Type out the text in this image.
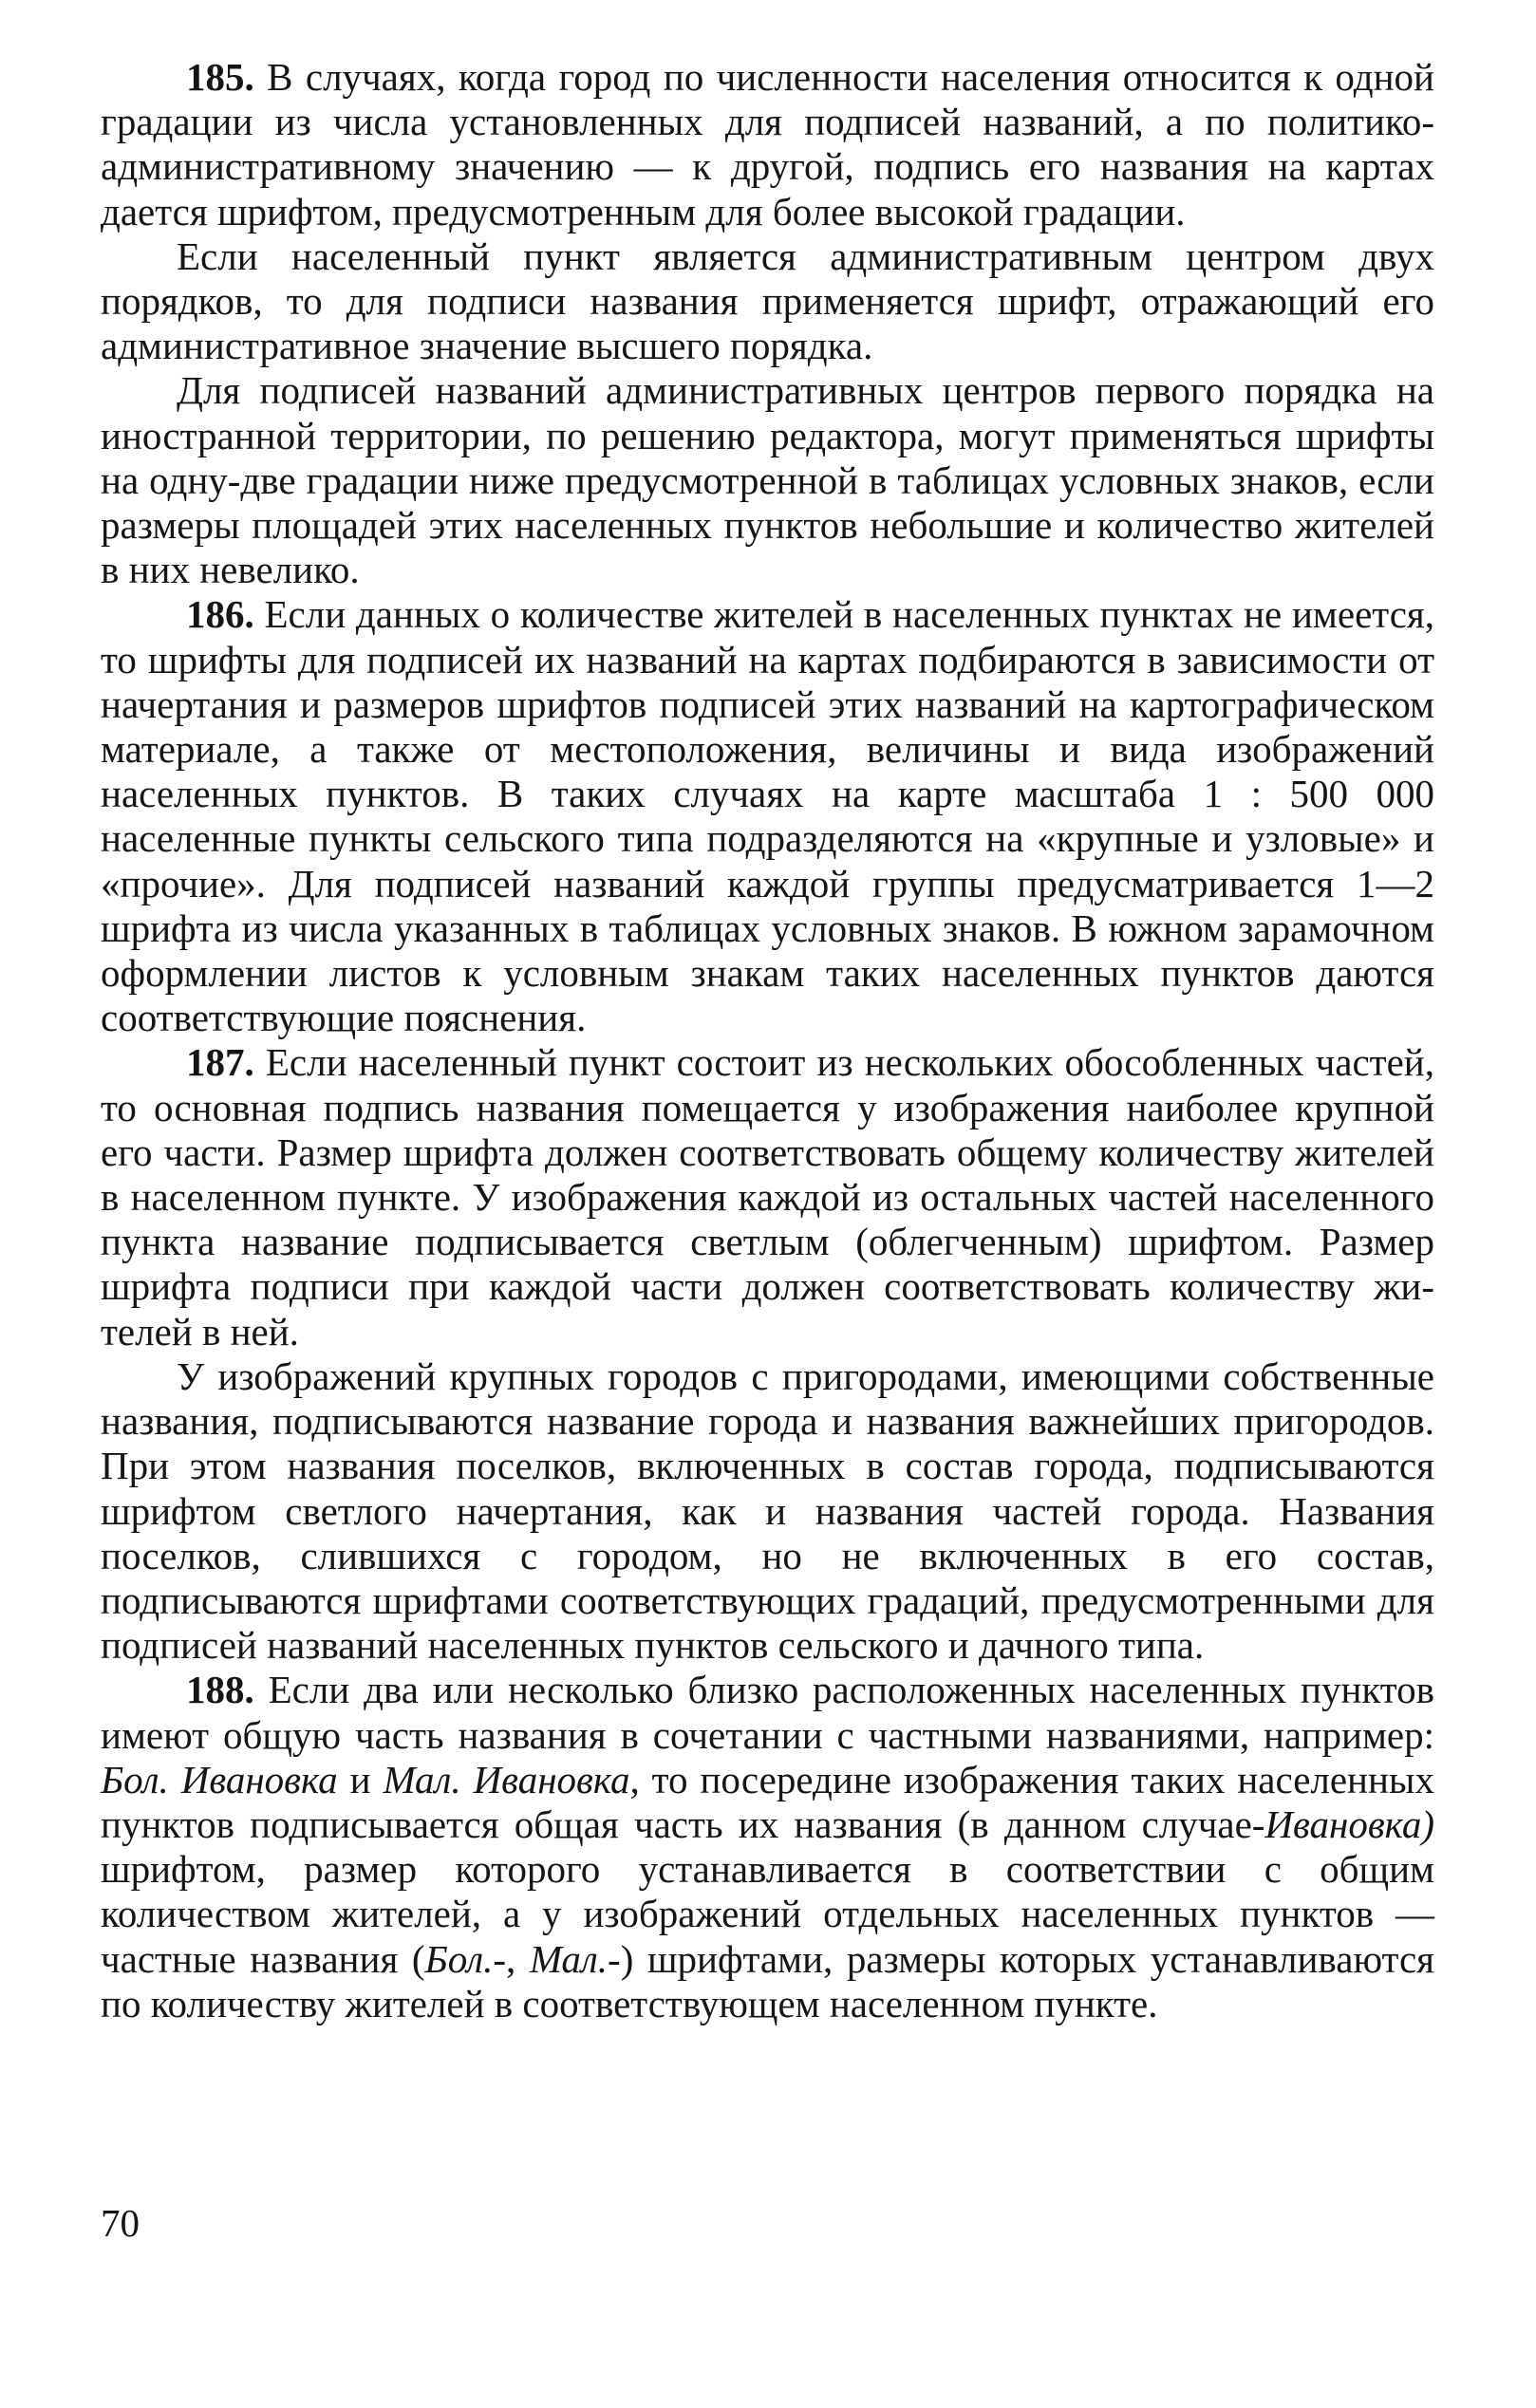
185. В случаях, когда город по численности населения относится к одной градации из числа установленных для подписей названий, а по политико-административному значению — к другой, подпись его названия на картах дается шрифтом, предусмотренным для более высокой градации.

Если населенный пункт является административным центром двух порядков, то для подписи названия применяется шрифт, отражающий его административное значение высшего порядка.

Для подписей названий административных центров первого порядка на иностранной территории, по решению редактора, могут применяться шрифты на одну-две градации ниже предусмотренной в таблицах условных знаков, если размеры площадей этих населенных пунктов небольшие и количество жителей в них невелико.

186. Если данных о количестве жителей в населенных пунктах не имеется, то шрифты для подписей их названий на картах подбираются в зависимости от начертания и размеров шрифтов подписей этих названий на картографическом материале, а также от местоположения, величины и вида изображений населенных пунктов. В таких случаях на карте масштаба 1 : 500 000 населенные пункты сельского типа подразделяются на «крупные и узловые» и «прочие». Для подписей названий каждой группы предусматривается 1—2 шрифта из числа указанных в таблицах условных знаков. В южном зарамочном оформлении листов к условным знакам таких населенных пунктов даются соответствующие пояснения.

187. Если населенный пункт состоит из нескольких обособленных частей, то основная подпись названия помещается у изображения наиболее крупной его части. Размер шрифта должен соответствовать общему количеству жителей в населенном пункте. У изображения каждой из остальных частей населенного пункта название подписывается светлым (облегченным) шрифтом. Размер шрифта подписи при каждой части должен соответствовать количеству жителей в ней.

У изображений крупных городов с пригородами, имеющими собственные названия, подписываются название города и названия важнейших пригородов. При этом названия поселков, включенных в состав города, подписываются шрифтом светлого начертания, как и названия частей города. Названия поселков, слившихся с городом, но не включенных в его состав, подписываются шрифтами соответствующих градаций, предусмотренными для подписей названий населенных пунктов сельского и дачного типа.

188. Если два или несколько близко расположенных населенных пунктов имеют общую часть названия в сочетании с частными названиями, например: Бол. Ивановка и Мал. Ивановка, то посередине изображения таких населенных пунктов подписывается общая часть их названия (в данном случае-Ивановка) шрифтом, размер которого устанавливается в соответствии с общим количеством жителей, а у изображений отдельных населенных пунктов — частные названия (Бол.-, Мал.-) шрифтами, размеры которых устанавливаются по количеству жителей в соответствующем населенном пункте.

70
